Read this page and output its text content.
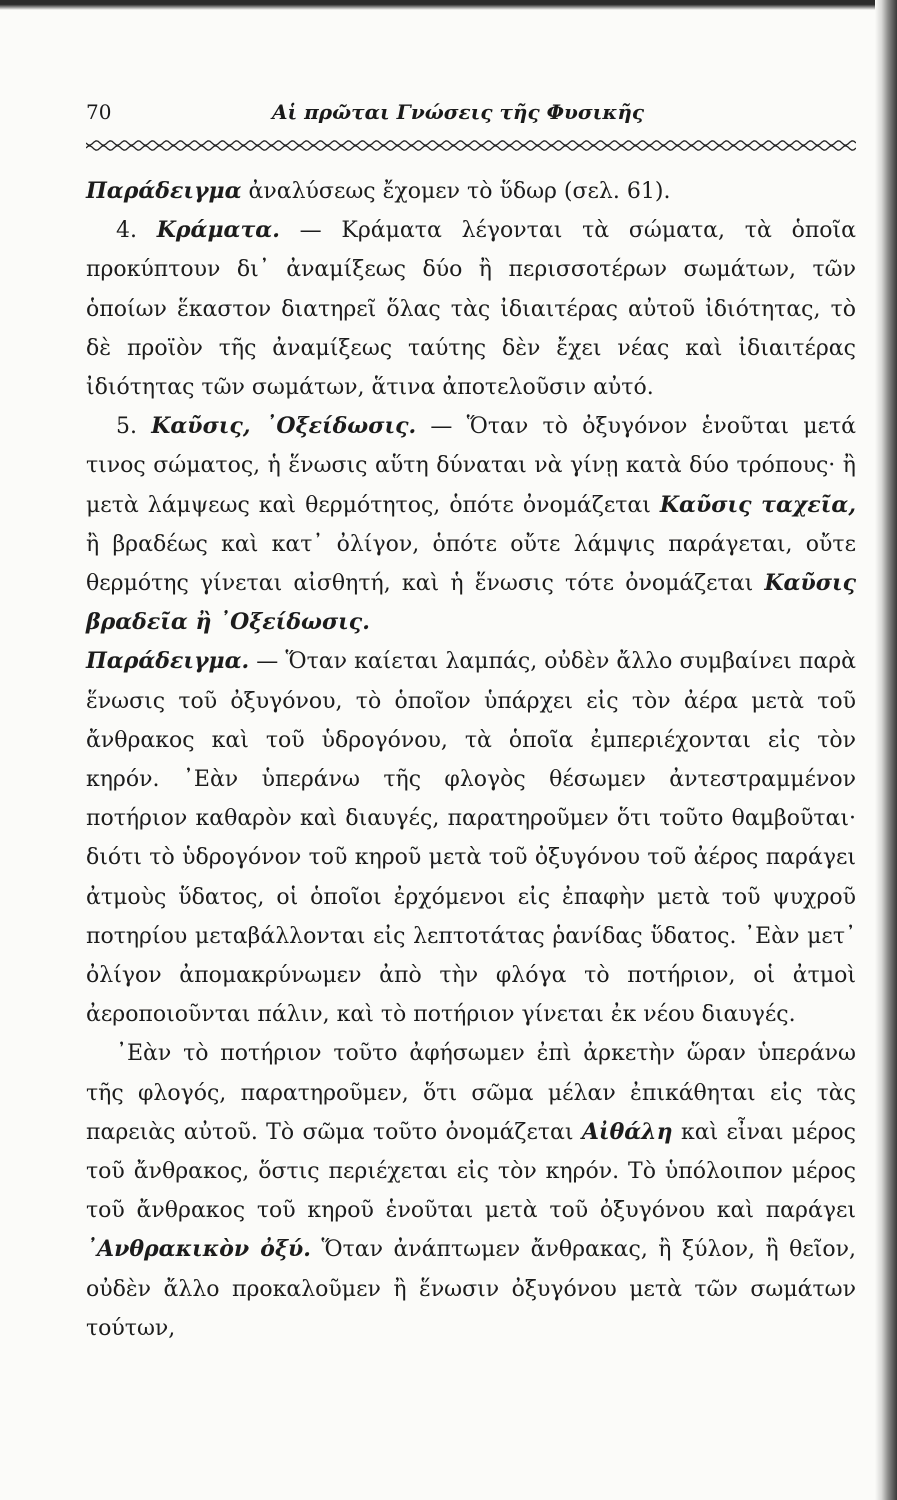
70	Αἱ πρῶται Γνώσεις τῆς Φυσικῆς

Παράδειγμα ἀναλύσεως ἔχομεν τὸ ὕδωρ (σελ. 61).

4. Κράματα. — Κράματα λέγονται τὰ σώματα, τὰ ὁποῖα προκύπτουν δι᾿ ἀναμίξεως δύο ἢ περισσοτέρων σωμάτων, τῶν ὁποίων ἕκαστον διατηρεῖ ὅλας τὰς ἰδιαιτέρας αὐτοῦ ἰδιότητας, τὸ δὲ προϊὸν τῆς ἀναμίξεως ταύτης δὲν ἔχει νέας καὶ ἰδιαιτέρας ἰδιότητας τῶν σωμάτων, ἅτινα ἀποτελοῦσιν αὐτό.

5. Καῦσις, ᾿Οξείδωσις. — Ὅταν τὸ ὀξυγόνον ἑνοῦται μετά τινος σώματος, ἡ ἕνωσις αὕτη δύναται νὰ γίνῃ κατὰ δύο τρόπους· ἢ μετὰ λάμψεως καὶ θερμότητος, ὁπότε ὀνομάζεται Καῦσις ταχεῖα, ἢ βραδέως καὶ κατ᾿ ὀλίγον, ὁπότε οὔτε λάμψις παράγεται, οὔτε θερμότης γίνεται αἰσθητή, καὶ ἡ ἕνωσις τότε ὀνομάζεται Καῦσις βραδεῖα ἢ ᾿Οξείδωσις.

Παράδειγμα. — Ὅταν καίεται λαμπάς, οὐδὲν ἄλλο συμβαίνει παρὰ ἕνωσις τοῦ ὀξυγόνου, τὸ ὁποῖον ὑπάρχει εἰς τὸν ἀέρα μετὰ τοῦ ἄνθρακος καὶ τοῦ ὑδρογόνου, τὰ ὁποῖα ἐμπεριέχονται εἰς τὸν κηρόν. ᾿Εὰν ὑπεράνω τῆς φλογὸς θέσωμεν ἀντεστραμμένον ποτήριον καθαρὸν καὶ διαυγές, παρατηροῦμεν ὅτι τοῦτο θαμβοῦται· διότι τὸ ὑδρογόνον τοῦ κηροῦ μετὰ τοῦ ὀξυγόνου τοῦ ἀέρος παράγει ἀτμοὺς ὕδατος, οἱ ὁποῖοι ἐρχόμενοι εἰς ἐπαφὴν μετὰ τοῦ ψυχροῦ ποτηρίου μεταβάλλονται εἰς λεπτοτάτας ῥανίδας ὕδατος. ᾿Εὰν μετ᾿ ὀλίγον ἀπομακρύνωμεν ἀπὸ τὴν φλόγα τὸ ποτήριον, οἱ ἀτμοὶ ἀεροποιοῦνται πάλιν, καὶ τὸ ποτήριον γίνεται ἐκ νέου διαυγές.

᾿Εὰν τὸ ποτήριον τοῦτο ἀφήσωμεν ἐπὶ ἀρκετὴν ὥραν ὑπεράνω τῆς φλογός, παρατηροῦμεν, ὅτι σῶμα μέλαν ἐπικάθηται εἰς τὰς παρειὰς αὐτοῦ. Τὸ σῶμα τοῦτο ὀνομάζεται Αἰθάλη καὶ εἶναι μέρος τοῦ ἄνθρακος, ὅστις περιέχεται εἰς τὸν κηρόν. Τὸ ὑπόλοιπον μέρος τοῦ ἄνθρακος τοῦ κηροῦ ἑνοῦται μετὰ τοῦ ὀξυγόνου καὶ παράγει ᾿Ανθρακικὸν ὀξύ. Ὅταν ἀνάπτωμεν ἄνθρακας, ἢ ξύλον, ἢ θεῖον, οὐδὲν ἄλλο προκαλοῦμεν ἢ ἕνωσιν ὀξυγόνου μετὰ τῶν σωμάτων τούτων,
